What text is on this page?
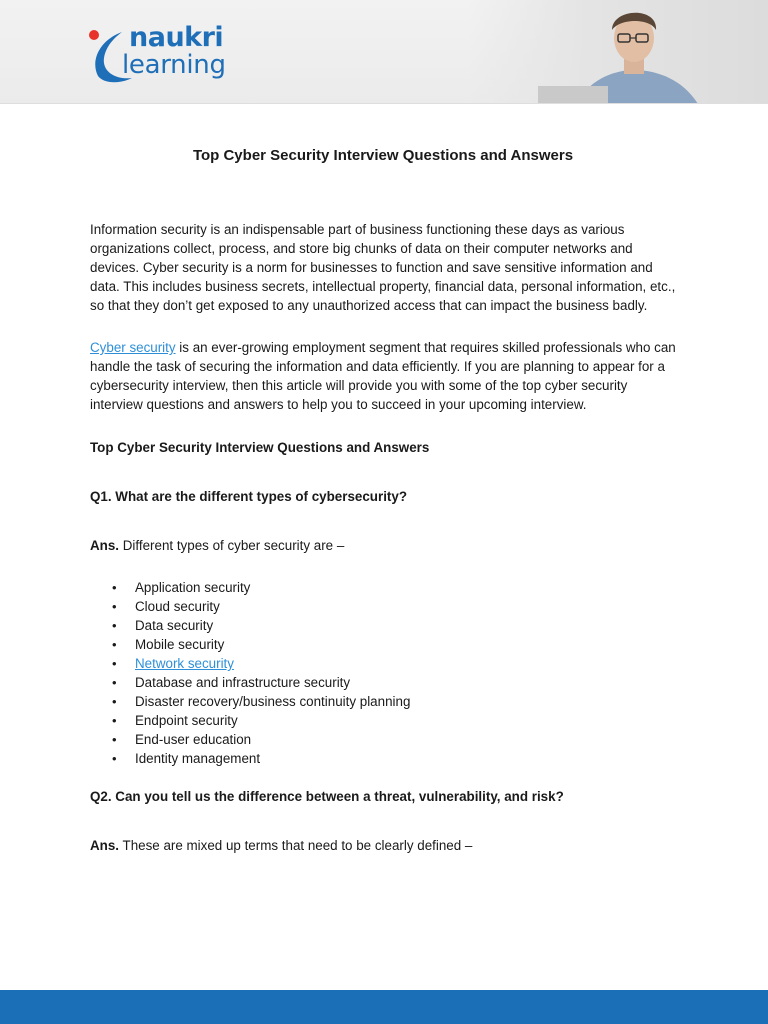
naukri
learning
Top Cyber Security Interview Questions and Answers

Information security is an indispensable part of business functioning these days as various organizations collect, process, and store big chunks of data on their computer networks and devices. Cyber security is a norm for businesses to function and save sensitive information and data. This includes business secrets, intellectual property, financial data, personal information, etc., so that they don’t get exposed to any unauthorized access that can impact the business badly.

Cyber security is an ever-growing employment segment that requires skilled professionals who can handle the task of securing the information and data efficiently. If you are planning to appear for a cybersecurity interview, then this article will provide you with some of the top cyber security interview questions and answers to help you to succeed in your upcoming interview.

Top Cyber Security Interview Questions and Answers

Q1. What are the different types of cybersecurity?

Ans. Different types of cyber security are –

• Application security
• Cloud security
• Data security
• Mobile security
• Network security
• Database and infrastructure security
• Disaster recovery/business continuity planning
• Endpoint security
• End-user education
• Identity management

Q2. Can you tell us the difference between a threat, vulnerability, and risk?

Ans. These are mixed up terms that need to be clearly defined –
